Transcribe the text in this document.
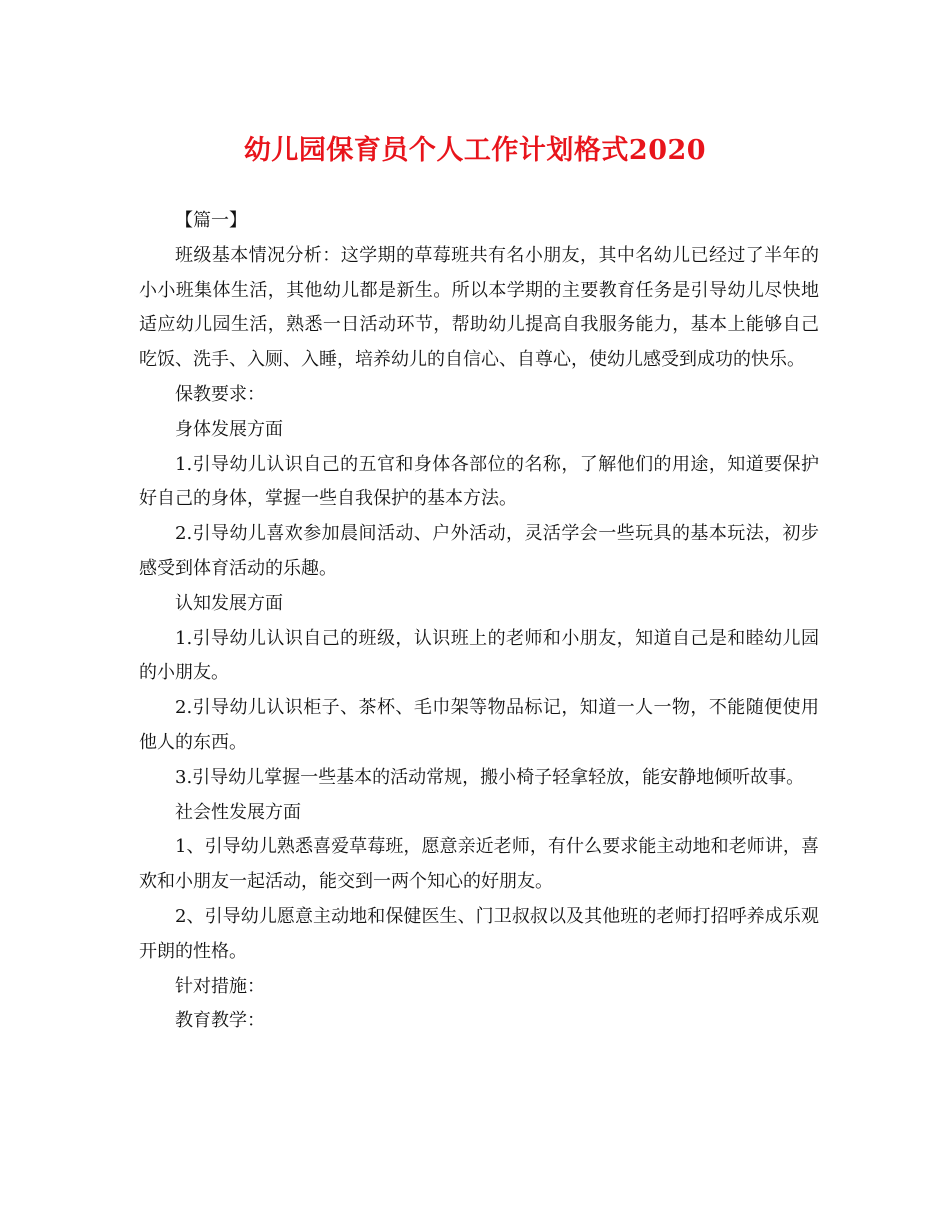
幼儿园保育员个人工作计划格式2020

【篇一】

班级基本情况分析：这学期的草莓班共有名小朋友，其中名幼儿已经过了半年的小小班集体生活，其他幼儿都是新生。所以本学期的主要教育任务是引导幼儿尽快地适应幼儿园生活，熟悉一日活动环节，帮助幼儿提高自我服务能力，基本上能够自己吃饭、洗手、入厕、入睡，培养幼儿的自信心、自尊心，使幼儿感受到成功的快乐。

保教要求：

身体发展方面

1.引导幼儿认识自己的五官和身体各部位的名称，了解他们的用途，知道要保护好自己的身体，掌握一些自我保护的基本方法。

2.引导幼儿喜欢参加晨间活动、户外活动，灵活学会一些玩具的基本玩法，初步感受到体育活动的乐趣。

认知发展方面

1.引导幼儿认识自己的班级，认识班上的老师和小朋友，知道自己是和睦幼儿园的小朋友。

2.引导幼儿认识柜子、茶杯、毛巾架等物品标记，知道一人一物，不能随便使用他人的东西。

3.引导幼儿掌握一些基本的活动常规，搬小椅子轻拿轻放，能安静地倾听故事。

社会性发展方面

1、引导幼儿熟悉喜爱草莓班，愿意亲近老师，有什么要求能主动地和老师讲，喜欢和小朋友一起活动，能交到一两个知心的好朋友。

2、引导幼儿愿意主动地和保健医生、门卫叔叔以及其他班的老师打招呼养成乐观开朗的性格。

针对措施：

教育教学：
